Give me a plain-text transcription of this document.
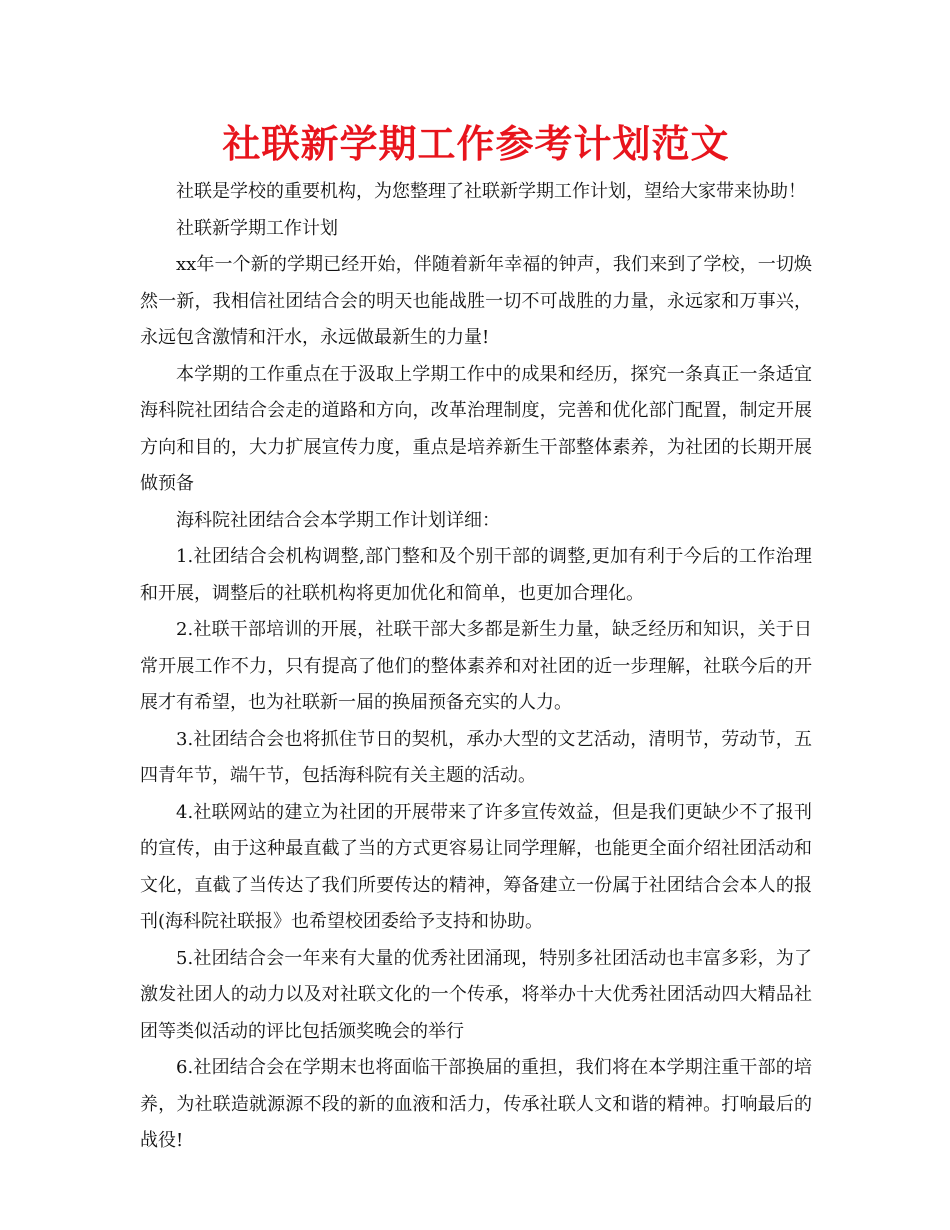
社联新学期工作参考计划范文

社联是学校的重要机构，为您整理了社联新学期工作计划，望给大家带来协助！

社联新学期工作计划

xx年一个新的学期已经开始，伴随着新年幸福的钟声，我们来到了学校，一切焕然一新，我相信社团结合会的明天也能战胜一切不可战胜的力量，永远家和万事兴，永远包含激情和汗水，永远做最新生的力量!

本学期的工作重点在于汲取上学期工作中的成果和经历，探究一条真正一条适宜海科院社团结合会走的道路和方向，改革治理制度，完善和优化部门配置，制定开展方向和目的，大力扩展宣传力度，重点是培养新生干部整体素养，为社团的长期开展做预备

海科院社团结合会本学期工作计划详细：

1.社团结合会机构调整,部门整和及个别干部的调整,更加有利于今后的工作治理和开展，调整后的社联机构将更加优化和简单，也更加合理化。

2.社联干部培训的开展，社联干部大多都是新生力量，缺乏经历和知识，关于日常开展工作不力，只有提高了他们的整体素养和对社团的近一步理解，社联今后的开展才有希望，也为社联新一届的换届预备充实的人力。

3.社团结合会也将抓住节日的契机，承办大型的文艺活动，清明节，劳动节，五四青年节，端午节，包括海科院有关主题的活动。

4.社联网站的建立为社团的开展带来了许多宣传效益，但是我们更缺少不了报刊的宣传，由于这种最直截了当的方式更容易让同学理解，也能更全面介绍社团活动和文化，直截了当传达了我们所要传达的精神，筹备建立一份属于社团结合会本人的报刊(海科院社联报》也希望校团委给予支持和协助。

5.社团结合会一年来有大量的优秀社团涌现，特别多社团活动也丰富多彩，为了激发社团人的动力以及对社联文化的一个传承，将举办十大优秀社团活动四大精品社团等类似活动的评比包括颁奖晚会的举行

6.社团结合会在学期末也将面临干部换届的重担，我们将在本学期注重干部的培养，为社联造就源源不段的新的血液和活力，传承社联人文和谐的精神。打响最后的战役!
